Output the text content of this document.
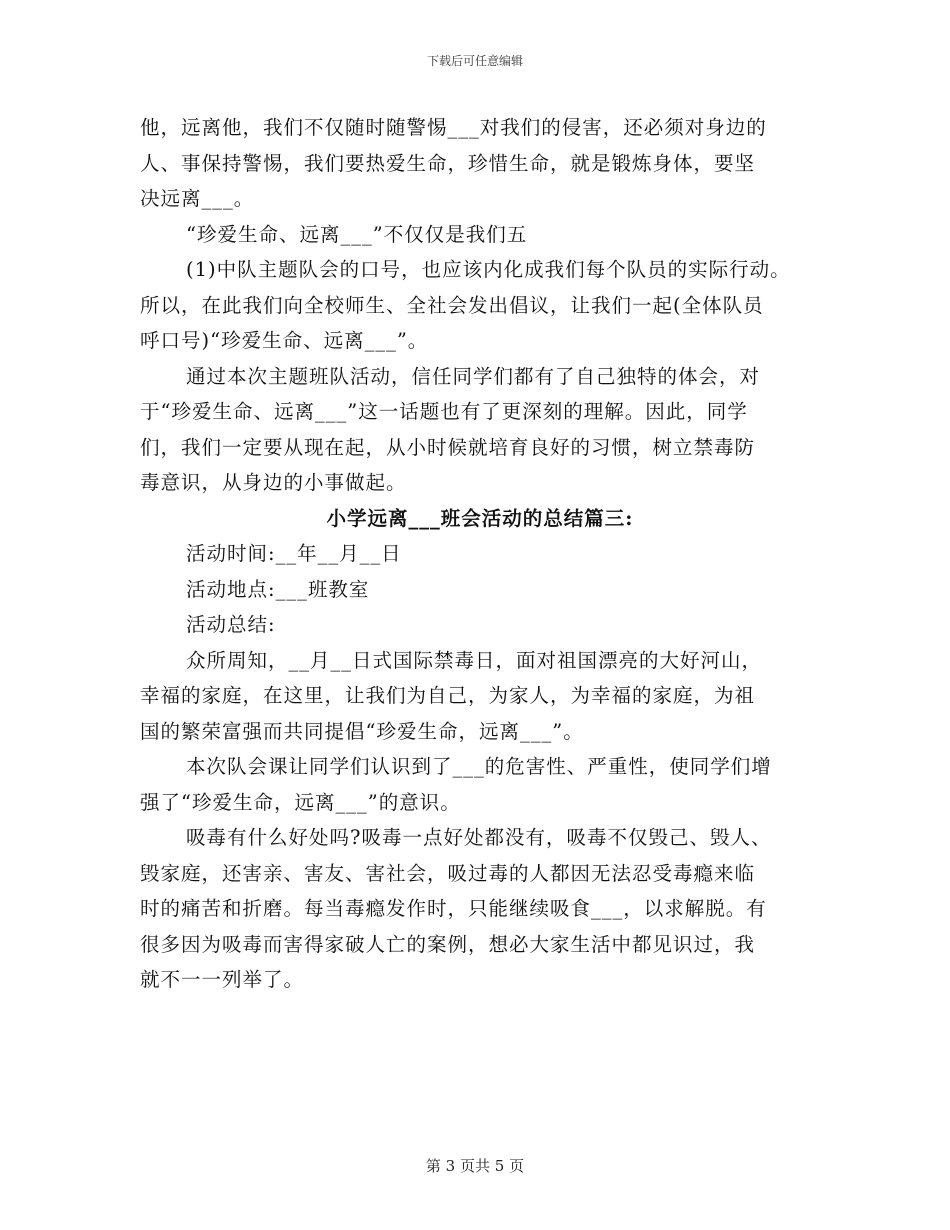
下载后可任意编辑

他，远离他，我们不仅随时随警惕___对我们的侵害，还必须对身边的

人、事保持警惕，我们要热爱生命，珍惜生命，就是锻炼身体，要坚

决远离___。

“珍爱生命、远离___”不仅仅是我们五

(1)中队主题队会的口号，也应该内化成我们每个队员的实际行动。

所以，在此我们向全校师生、全社会发出倡议，让我们一起(全体队员

呼口号)“珍爱生命、远离___”。

通过本次主题班队活动，信任同学们都有了自己独特的体会，对

于“珍爱生命、远离___”这一话题也有了更深刻的理解。因此，同学

们，我们一定要从现在起，从小时候就培育良好的习惯，树立禁毒防

毒意识，从身边的小事做起。

小学远离___班会活动的总结篇三:

活动时间:__年__月__日

活动地点:___班教室

活动总结:

众所周知，__月__日式国际禁毒日，面对祖国漂亮的大好河山，

幸福的家庭，在这里，让我们为自己，为家人，为幸福的家庭，为祖

国的繁荣富强而共同提倡“珍爱生命，远离___”。

本次队会课让同学们认识到了___的危害性、严重性，使同学们增

强了“珍爱生命，远离___”的意识。

吸毒有什么好处吗?吸毒一点好处都没有，吸毒不仅毁己、毁人、

毁家庭，还害亲、害友、害社会，吸过毒的人都因无法忍受毒瘾来临

时的痛苦和折磨。每当毒瘾发作时，只能继续吸食___，以求解脱。有

很多因为吸毒而害得家破人亡的案例，想必大家生活中都见识过，我

就不一一列举了。

第 3 页共 5 页
